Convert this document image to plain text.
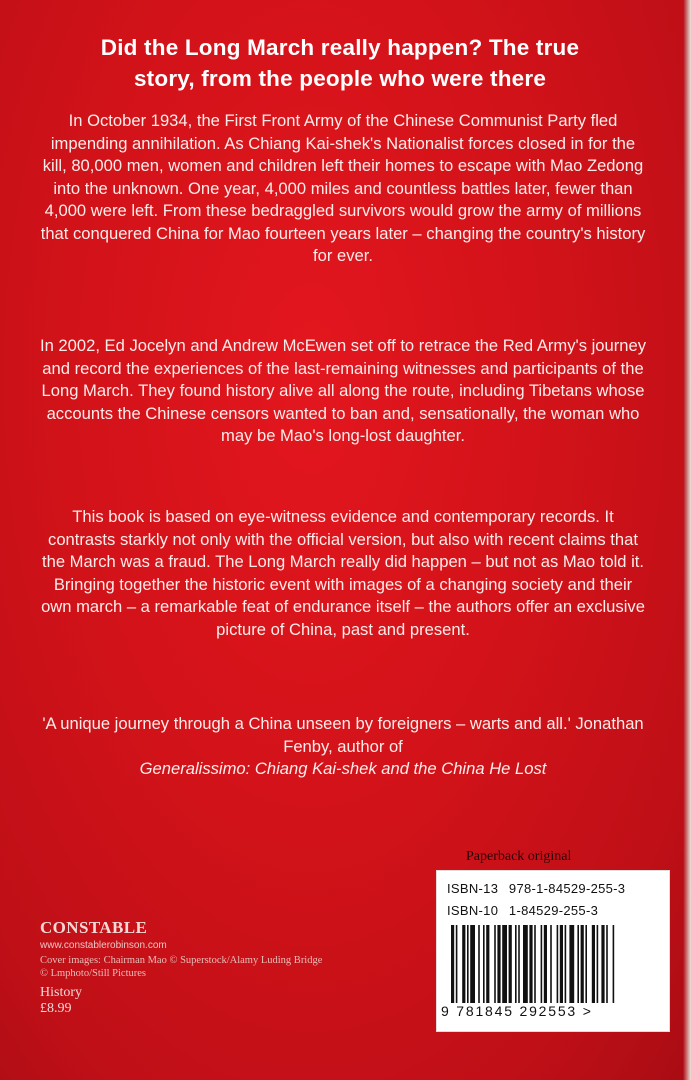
Did the Long March really happen? The true
story, from the people who were there

In October 1934, the First Front Army of the Chinese Communist Party fled impending annihilation. As Chiang Kai-shek's Nationalist forces closed in for the kill, 80,000 men, women and children left their homes to escape with Mao Zedong into the unknown. One year, 4,000 miles and countless battles later, fewer than 4,000 were left. From these bedraggled survivors would grow the army of millions that conquered China for Mao fourteen years later – changing the country's history for ever.

In 2002, Ed Jocelyn and Andrew McEwen set off to retrace the Red Army's journey and record the experiences of the last-remaining witnesses and participants of the Long March. They found history alive all along the route, including Tibetans whose accounts the Chinese censors wanted to ban and, sensationally, the woman who may be Mao's long-lost daughter.

This book is based on eye-witness evidence and contemporary records. It contrasts starkly not only with the official version, but also with recent claims that the March was a fraud. The Long March really did happen – but not as Mao told it. Bringing together the historic event with images of a changing society and their own march – a remarkable feat of endurance itself – the authors offer an exclusive picture of China, past and present.

'A unique journey through a China unseen by foreigners – warts and all.' Jonathan Fenby, author of
Generalissimo: Chiang Kai-shek and the China He Lost

CONSTABLE
www.constablerobinson.com
Cover images: Chairman Mao © Superstock/Alamy Luding Bridge © Lmphoto/Still Pictures
History
£8.99
Paperback original
ISBN-13 978-1-84529-255-3
ISBN-10 1-84529-255-3
9 781845 292553 >
